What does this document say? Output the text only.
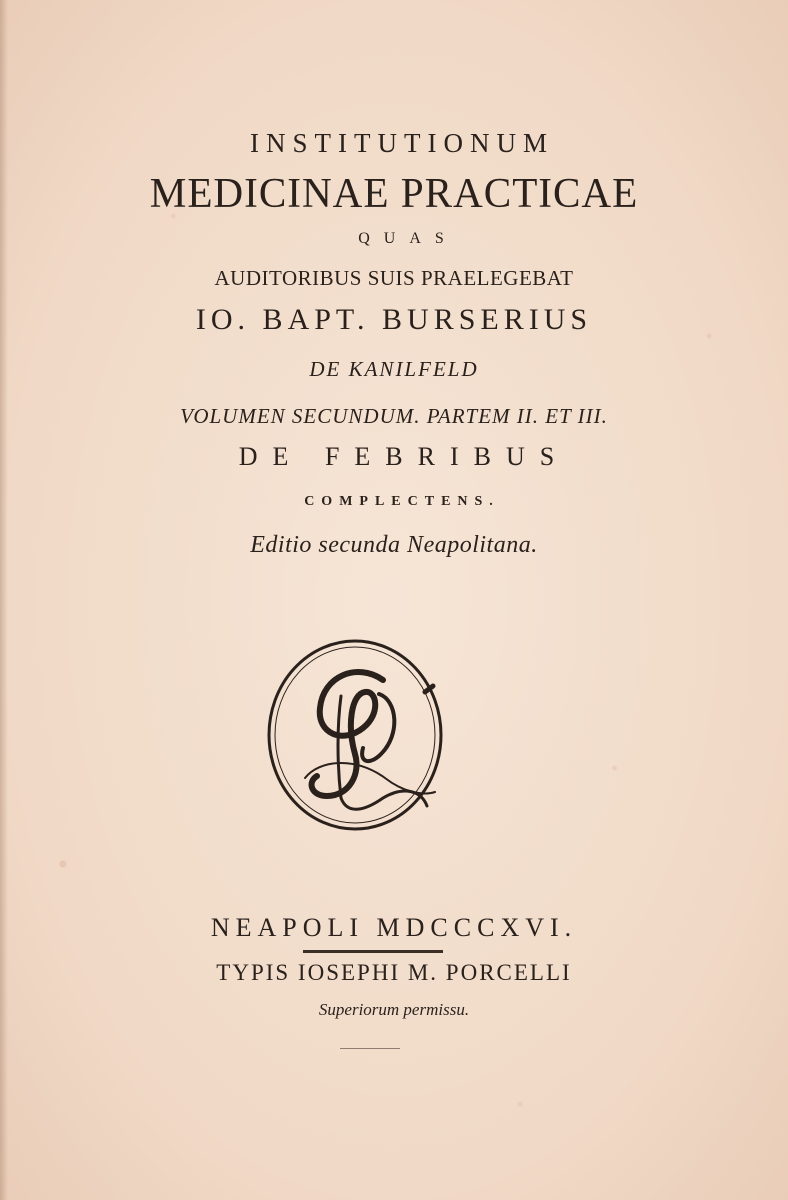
INSTITUTIONUM
MEDICINAE PRACTICAE
QUAS
AUDITORIBUS SUIS PRAELEGEBAT
IO. BAPT. BURSERIUS
DE KANILFELD
VOLUMEN SECUNDUM. PARTEM II. ET III.
DE FEBRIBUS
COMPLECTENS.
Editio secunda Neapolitana.
NEAPOLI MDCCCXVI.
TYPIS IOSEPHI M. PORCELLI
Superiorum permissu.
